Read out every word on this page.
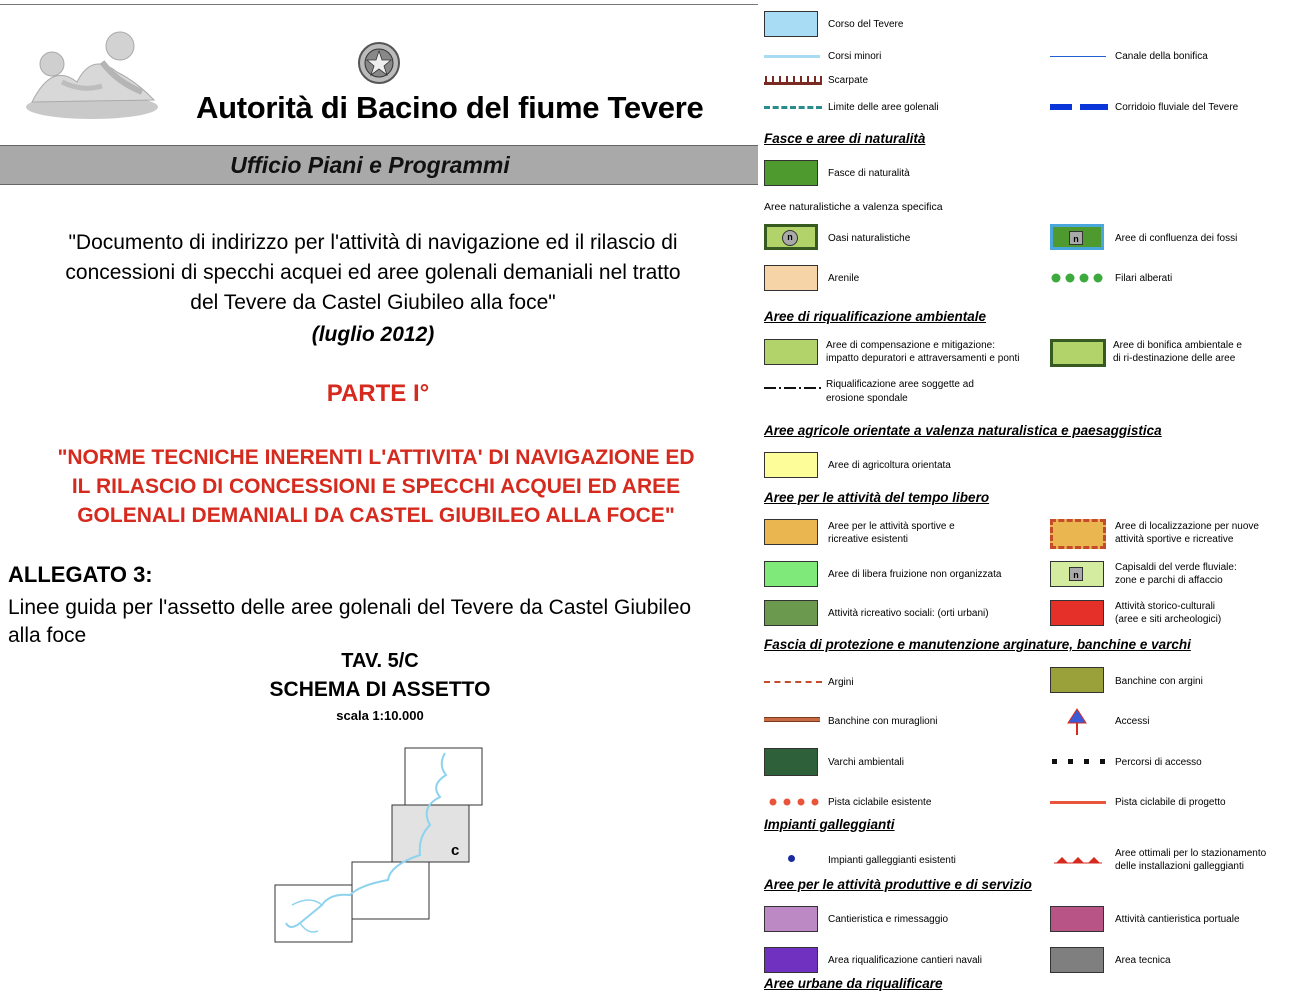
Autorità di Bacino del fiume Tevere
Ufficio Piani e Programmi
"Documento di indirizzo per l'attività di navigazione ed il rilascio di
concessioni di specchi acquei ed aree golenali demaniali nel tratto
del Tevere da Castel Giubileo alla foce"
(luglio 2012)
PARTE I°
"NORME TECNICHE INERENTI L'ATTIVITA' DI NAVIGAZIONE ED
IL RILASCIO DI CONCESSIONI E SPECCHI ACQUEI ED AREE
GOLENALI DEMANIALI DA CASTEL GIUBILEO ALLA FOCE"
ALLEGATO 3:
Linee guida per l'assetto delle aree golenali del Tevere da Castel Giubileo alla foce
TAV. 5/C
SCHEMA DI ASSETTO
scala 1:10.000
c
Corso del Tevere
Corsi minori	Canale della bonifica
Scarpate
Limite delle aree golenali	Corridoio fluviale del Tevere
Fasce e aree di naturalità
Fasce di naturalità
Aree naturalistiche a valenza specifica
n	Oasi naturalistiche	n	Aree di confluenza dei fossi
Arenile	Filari alberati
Aree di riqualificazione ambientale
Aree di compensazione e mitigazione:
impatto depuratori e attraversamenti e ponti
Aree di bonifica ambientale e
di ri-destinazione delle aree
Riqualificazione aree soggette ad
erosione spondale
Aree agricole orientate a valenza naturalistica e paesaggistica
Aree di agricoltura orientata
Aree per le attività del tempo libero
Aree per le attività sportive e
ricreative esistenti
Aree di localizzazione per nuove
attività sportive e ricreative
Aree di libera fruizione non organizzata	n
Capisaldi del verde fluviale:
zone e parchi di affaccio
Attività ricreativo sociali: (orti urbani)
Attività storico-culturali
(aree e siti archeologici)
Fascia di protezione e manutenzione arginature, banchine e varchi
Argini	Banchine con argini
Banchine con muraglioni	Accessi
Varchi ambientali	Percorsi di accesso
Pista ciclabile esistente	Pista ciclabile di progetto
Impianti galleggianti
Impianti galleggianti esistenti
Aree ottimali per lo stazionamento
delle installazioni galleggianti
Aree per le attività produttive e di servizio
Cantieristica e rimessaggio	Attività cantieristica portuale
Area riqualificazione cantieri navali	Area tecnica
Aree urbane da riqualificare
